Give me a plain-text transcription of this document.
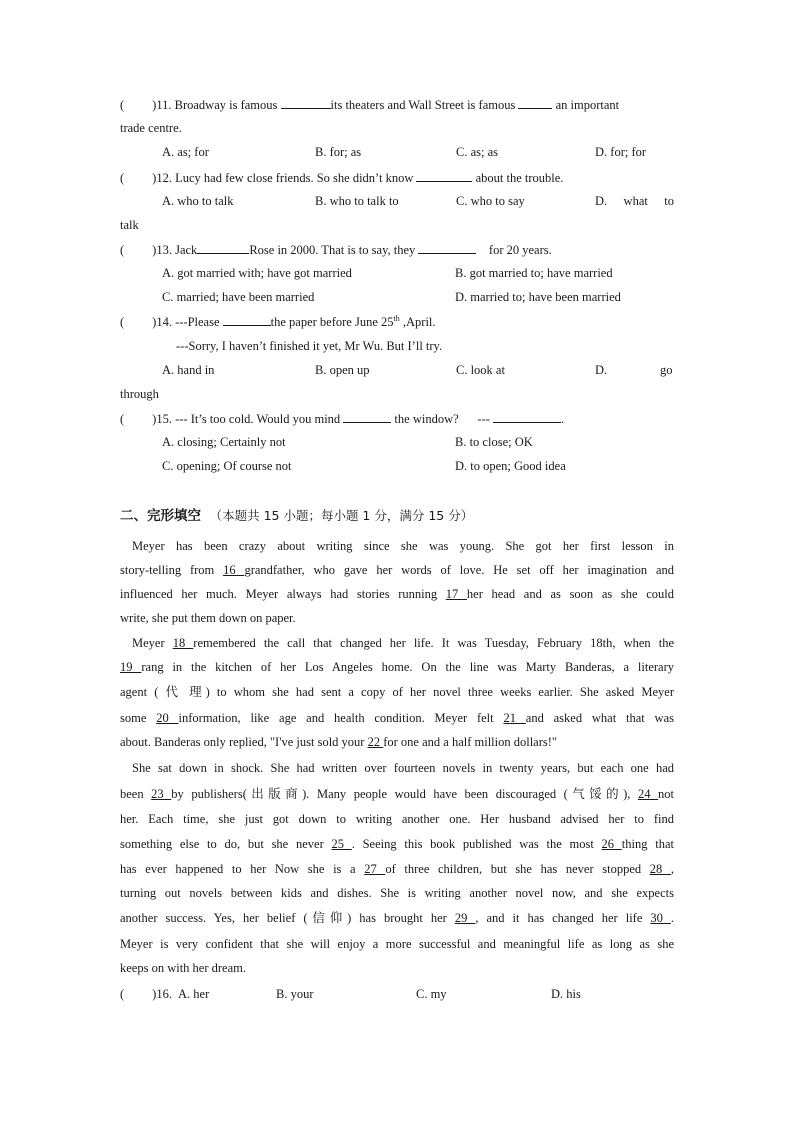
( )11. Broadway is famous	its theaters and Wall Street is famous	an important
trade centre.
A. as; for	B. for; as	C. as; as	D. for; for
( )12. Lucy had few close friends. So she didn’t know	about the trouble.
A. who to talk	B. who to talk to	C. who to say	D. what to
talk
( )13. Jack	Rose in 2000. That is to say, they	for 20 years.
A. got married with; have got married	B. got married to; have married
C. married; have been married	D. married to; have been married
( )14. ---Please	the paper before June 25th ,April.
---Sorry, I haven’t finished it yet, Mr Wu. But I’ll try.
A. hand in	B. open up	C. look at	D.	go
through
( )15. --- It’s too cold. Would you mind	the window? ---	.
A. closing; Certainly not	B. to close; OK
C. opening; Of course not	D. to open; Good idea
二、完形填空 （本题共 15 小题；每小题 1 分，满分 15 分）
Meyer has been crazy about writing since she was young. She got her first lesson in
story-telling from 16 grandfather, who gave her words of love. He set off her imagination and
influenced her much. Meyer always had stories running 17 her head and as soon as she could
write, she put them down on paper.
Meyer 18 remembered the call that changed her life. It was Tuesday, February 18th, when the
19 rang in the kitchen of her Los Angeles home. On the line was Marty Banderas, a literary
agent ( 代 理) to whom she had sent a copy of her novel three weeks earlier. She asked Meyer
some 20 information, like age and health condition. Meyer felt 21 and asked what that was
about. Banderas only replied, "I've just sold your 22 for one and a half million dollars!"
She sat down in shock. She had written over fourteen novels in twenty years, but each one had
been 23 by publishers(出版商). Many people would have been discouraged (气馁的), 24 not
her. Each time, she just got down to writing another one. Her husband advised her to find
something else to do, but she never 25 . Seeing this book published was the most 26 thing that
has ever happened to her Now she is a 27 of three children, but she has never stopped 28 ,
turning out novels between kids and dishes. She is writing another novel now, and she expects
another success. Yes, her belief (信仰) has brought her 29 , and it has changed her life 30 .
Meyer is very confident that she will enjoy a more successful and meaningful life as long as she
keeps on with her dream.
( )16. A. her	B. your	C. my	D. his
